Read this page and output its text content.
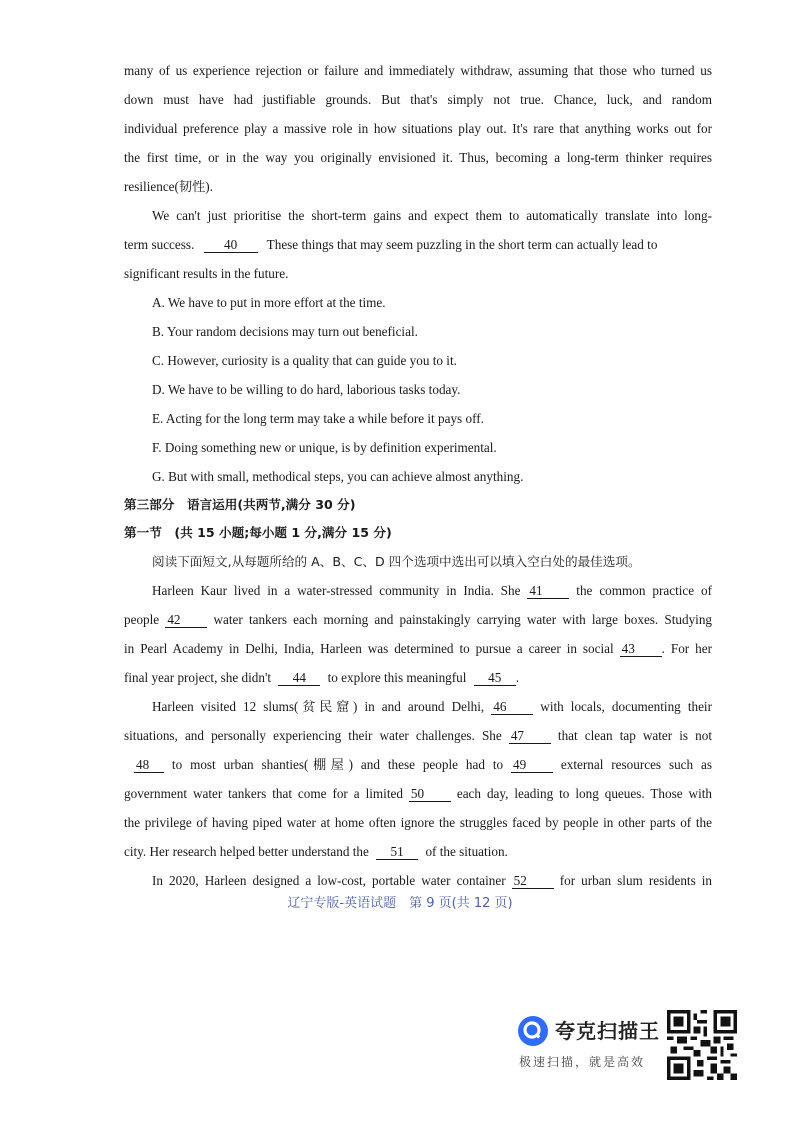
many of us experience rejection or failure and immediately withdraw, assuming that those who turned us
down must have had justifiable grounds. But that's simply not true. Chance, luck, and random
individual preference play a massive role in how situations play out. It's rare that anything works out for
the first time, or in the way you originally envisioned it. Thus, becoming a long-term thinker requires
resilience(韧性).
We can't just prioritise the short-term gains and expect them to automatically translate into long-
term success. 40 These things that may seem puzzling in the short term can actually lead to
significant results in the future.
A. We have to put in more effort at the time.
B. Your random decisions may turn out beneficial.
C. However, curiosity is a quality that can guide you to it.
D. We have to be willing to do hard, laborious tasks today.
E. Acting for the long term may take a while before it pays off.
F. Doing something new or unique, is by definition experimental.
G. But with small, methodical steps, you can achieve almost anything.
第三部分　语言运用(共两节,满分 30 分)
第一节　(共 15 小题;每小题 1 分,满分 15 分)
阅读下面短文,从每题所给的 A、B、C、D 四个选项中选出可以填入空白处的最佳选项。
Harleen Kaur lived in a water-stressed community in India. She 41	the common practice of
people 42 water tankers each morning and painstakingly carrying water with large boxes. Studying
in Pearl Academy in Delhi, India, Harleen was determined to pursue a career in social 43 . For her
final year project, she didn't 44 to explore this meaningful 45 .
Harleen visited 12 slums(贫民窟) in and around Delhi, 46	with locals, documenting their
situations, and personally experiencing their water challenges. She 47	that clean tap water is not
48 to most urban shanties(棚屋) and these people had to 49	external resources such as
government water tankers that come for a limited 50 each day, leading to long queues. Those with
the privilege of having piped water at home often ignore the struggles faced by people in other parts of the
city. Her research helped better understand the 51 of the situation.
In 2020, Harleen designed a low-cost, portable water container 52 for urban slum residents in
辽宁专版-英语试题　第 9 页(共 12 页)
夸克扫描王
极速扫描，就是高效
